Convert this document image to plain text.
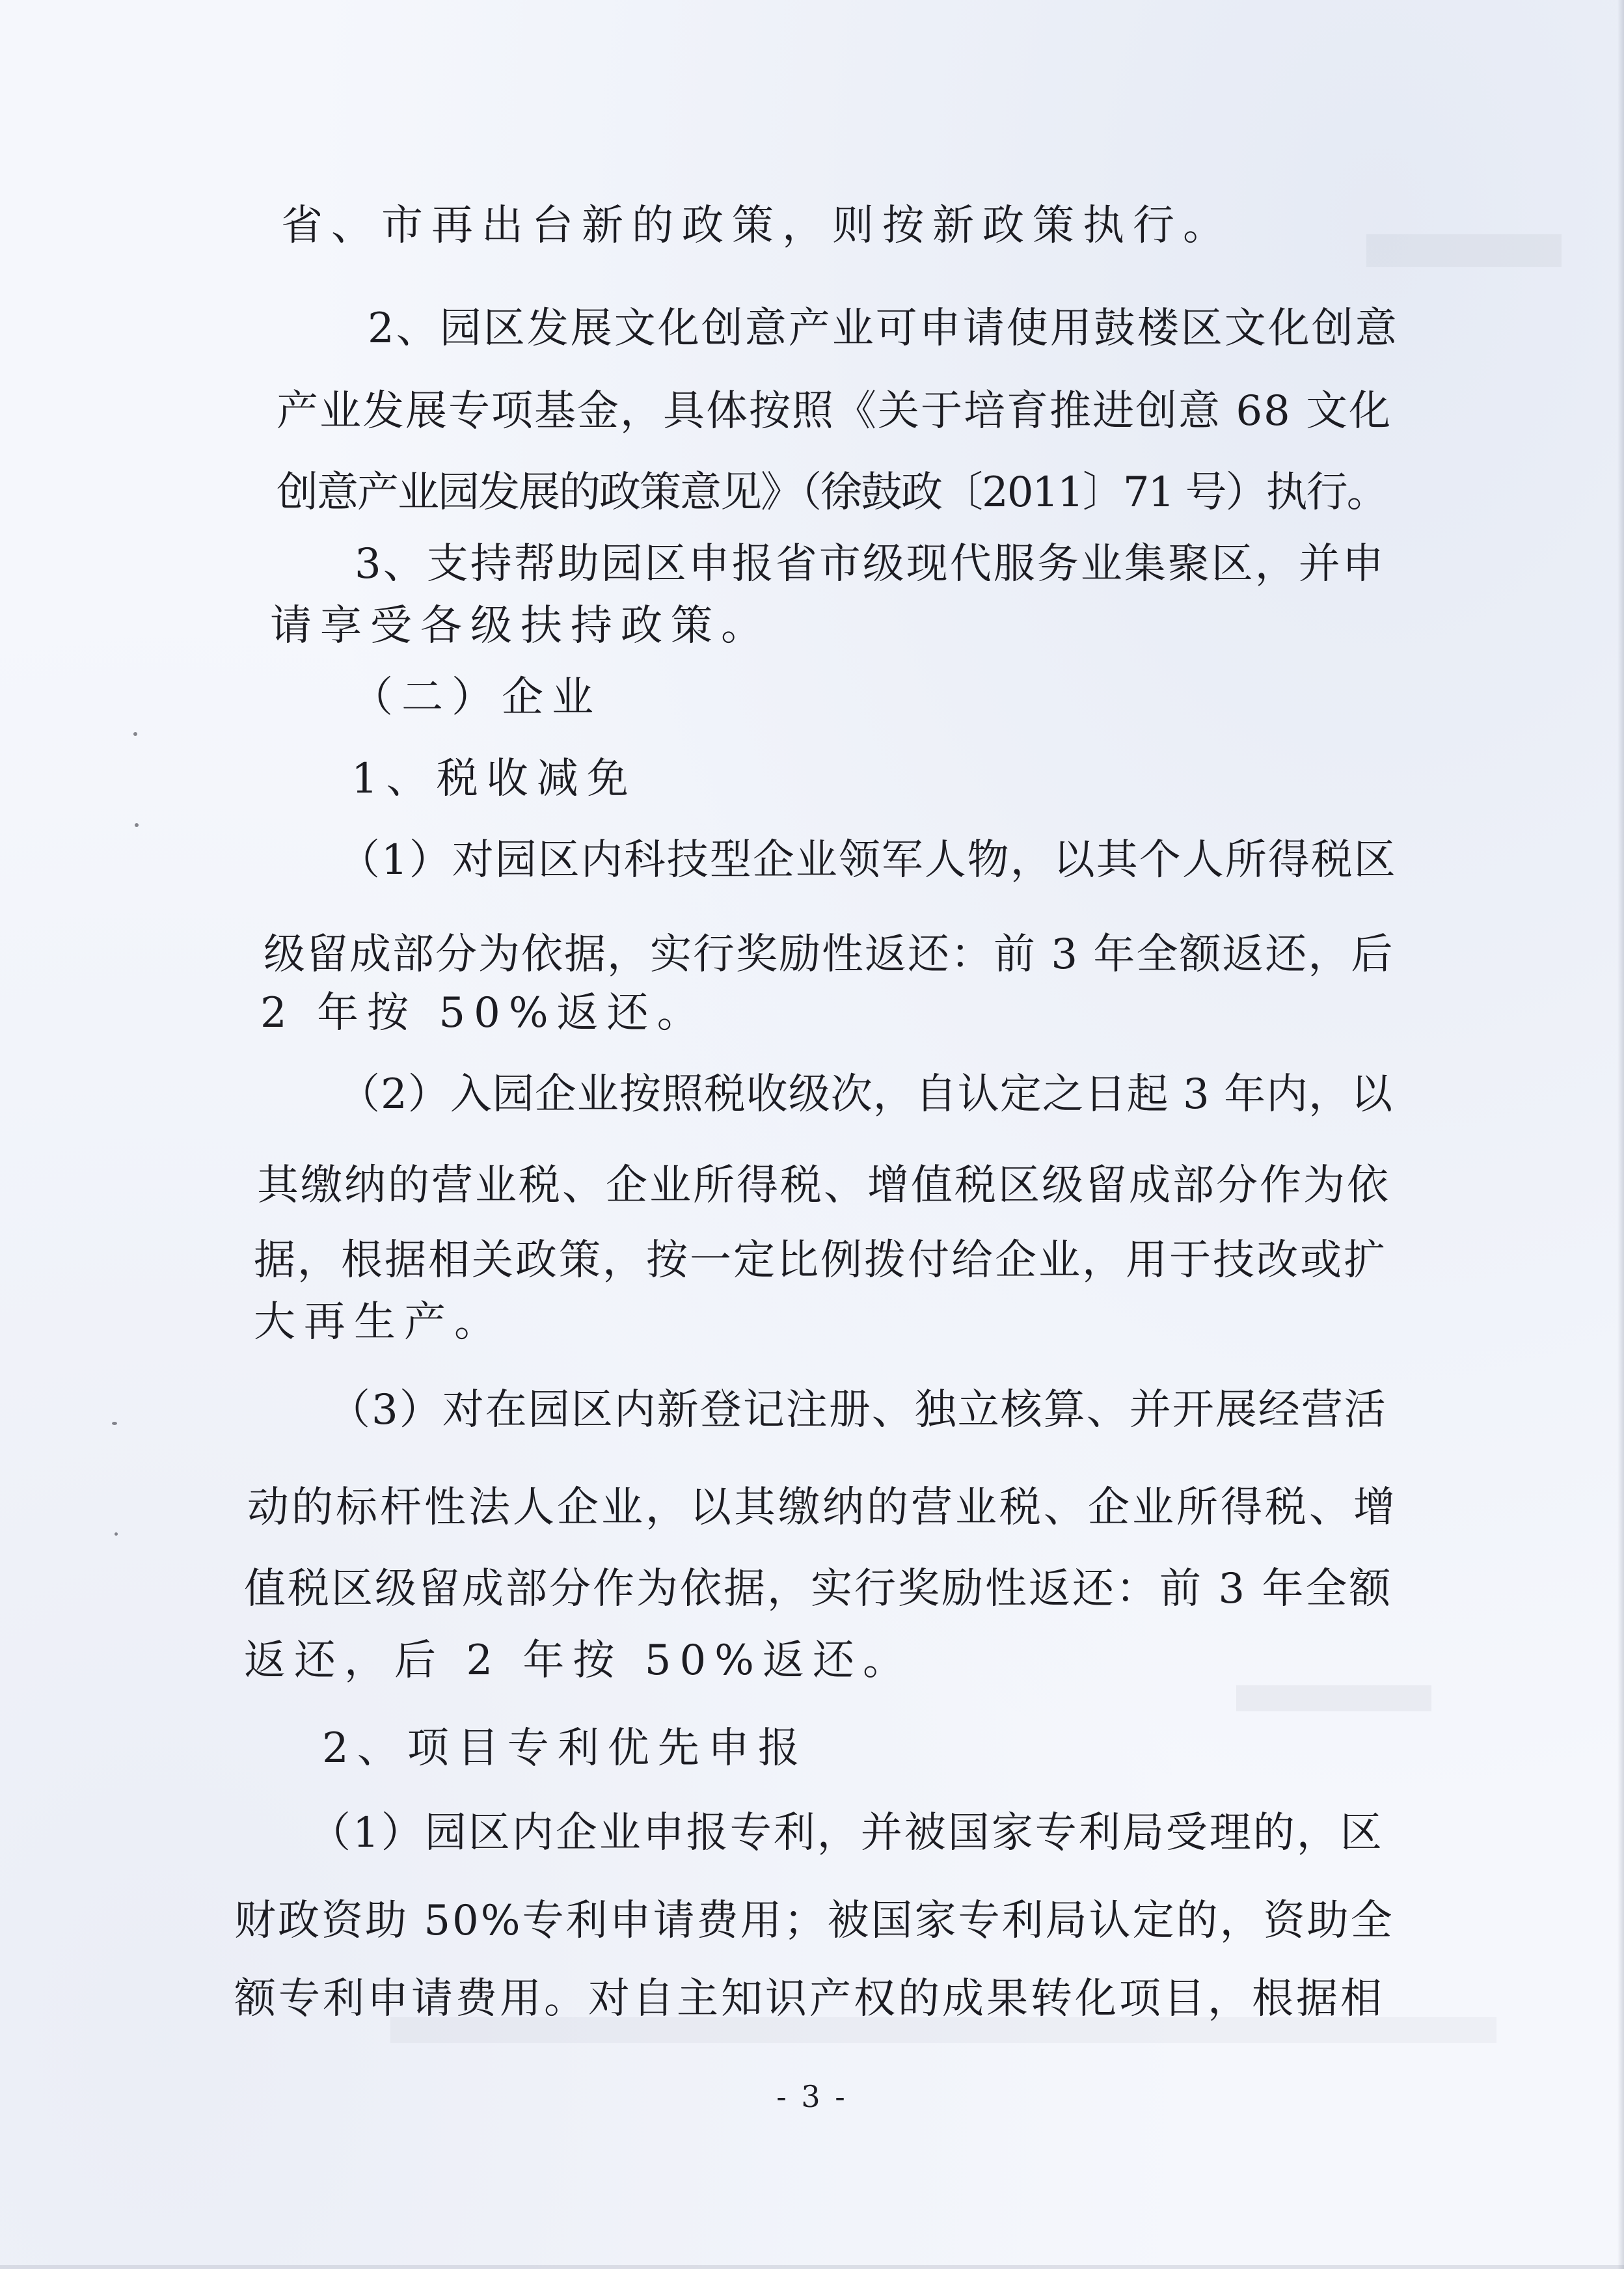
省、市再出台新的政策，则按新政策执行。
2、园区发展文化创意产业可申请使用鼓楼区文化创意
产业发展专项基金，具体按照《关于培育推进创意 68 文化
创意产业园发展的政策意见》（徐鼓政〔2011〕71 号）执行。
3、支持帮助园区申报省市级现代服务业集聚区，并申
请享受各级扶持政策。
（二）企业
1、税收减免
（1）对园区内科技型企业领军人物，以其个人所得税区
级留成部分为依据，实行奖励性返还：前 3 年全额返还，后
2 年按 50%返还。
（2）入园企业按照税收级次，自认定之日起 3 年内，以
其缴纳的营业税、企业所得税、增值税区级留成部分作为依
据，根据相关政策，按一定比例拨付给企业，用于技改或扩
大再生产。
（3）对在园区内新登记注册、独立核算、并开展经营活
动的标杆性法人企业，以其缴纳的营业税、企业所得税、增
值税区级留成部分作为依据，实行奖励性返还：前 3 年全额
返还，后 2 年按 50%返还。
2、项目专利优先申报
（1）园区内企业申报专利，并被国家专利局受理的，区
财政资助 50%专利申请费用；被国家专利局认定的，资助全
额专利申请费用。对自主知识产权的成果转化项目，根据相
- 3 -
